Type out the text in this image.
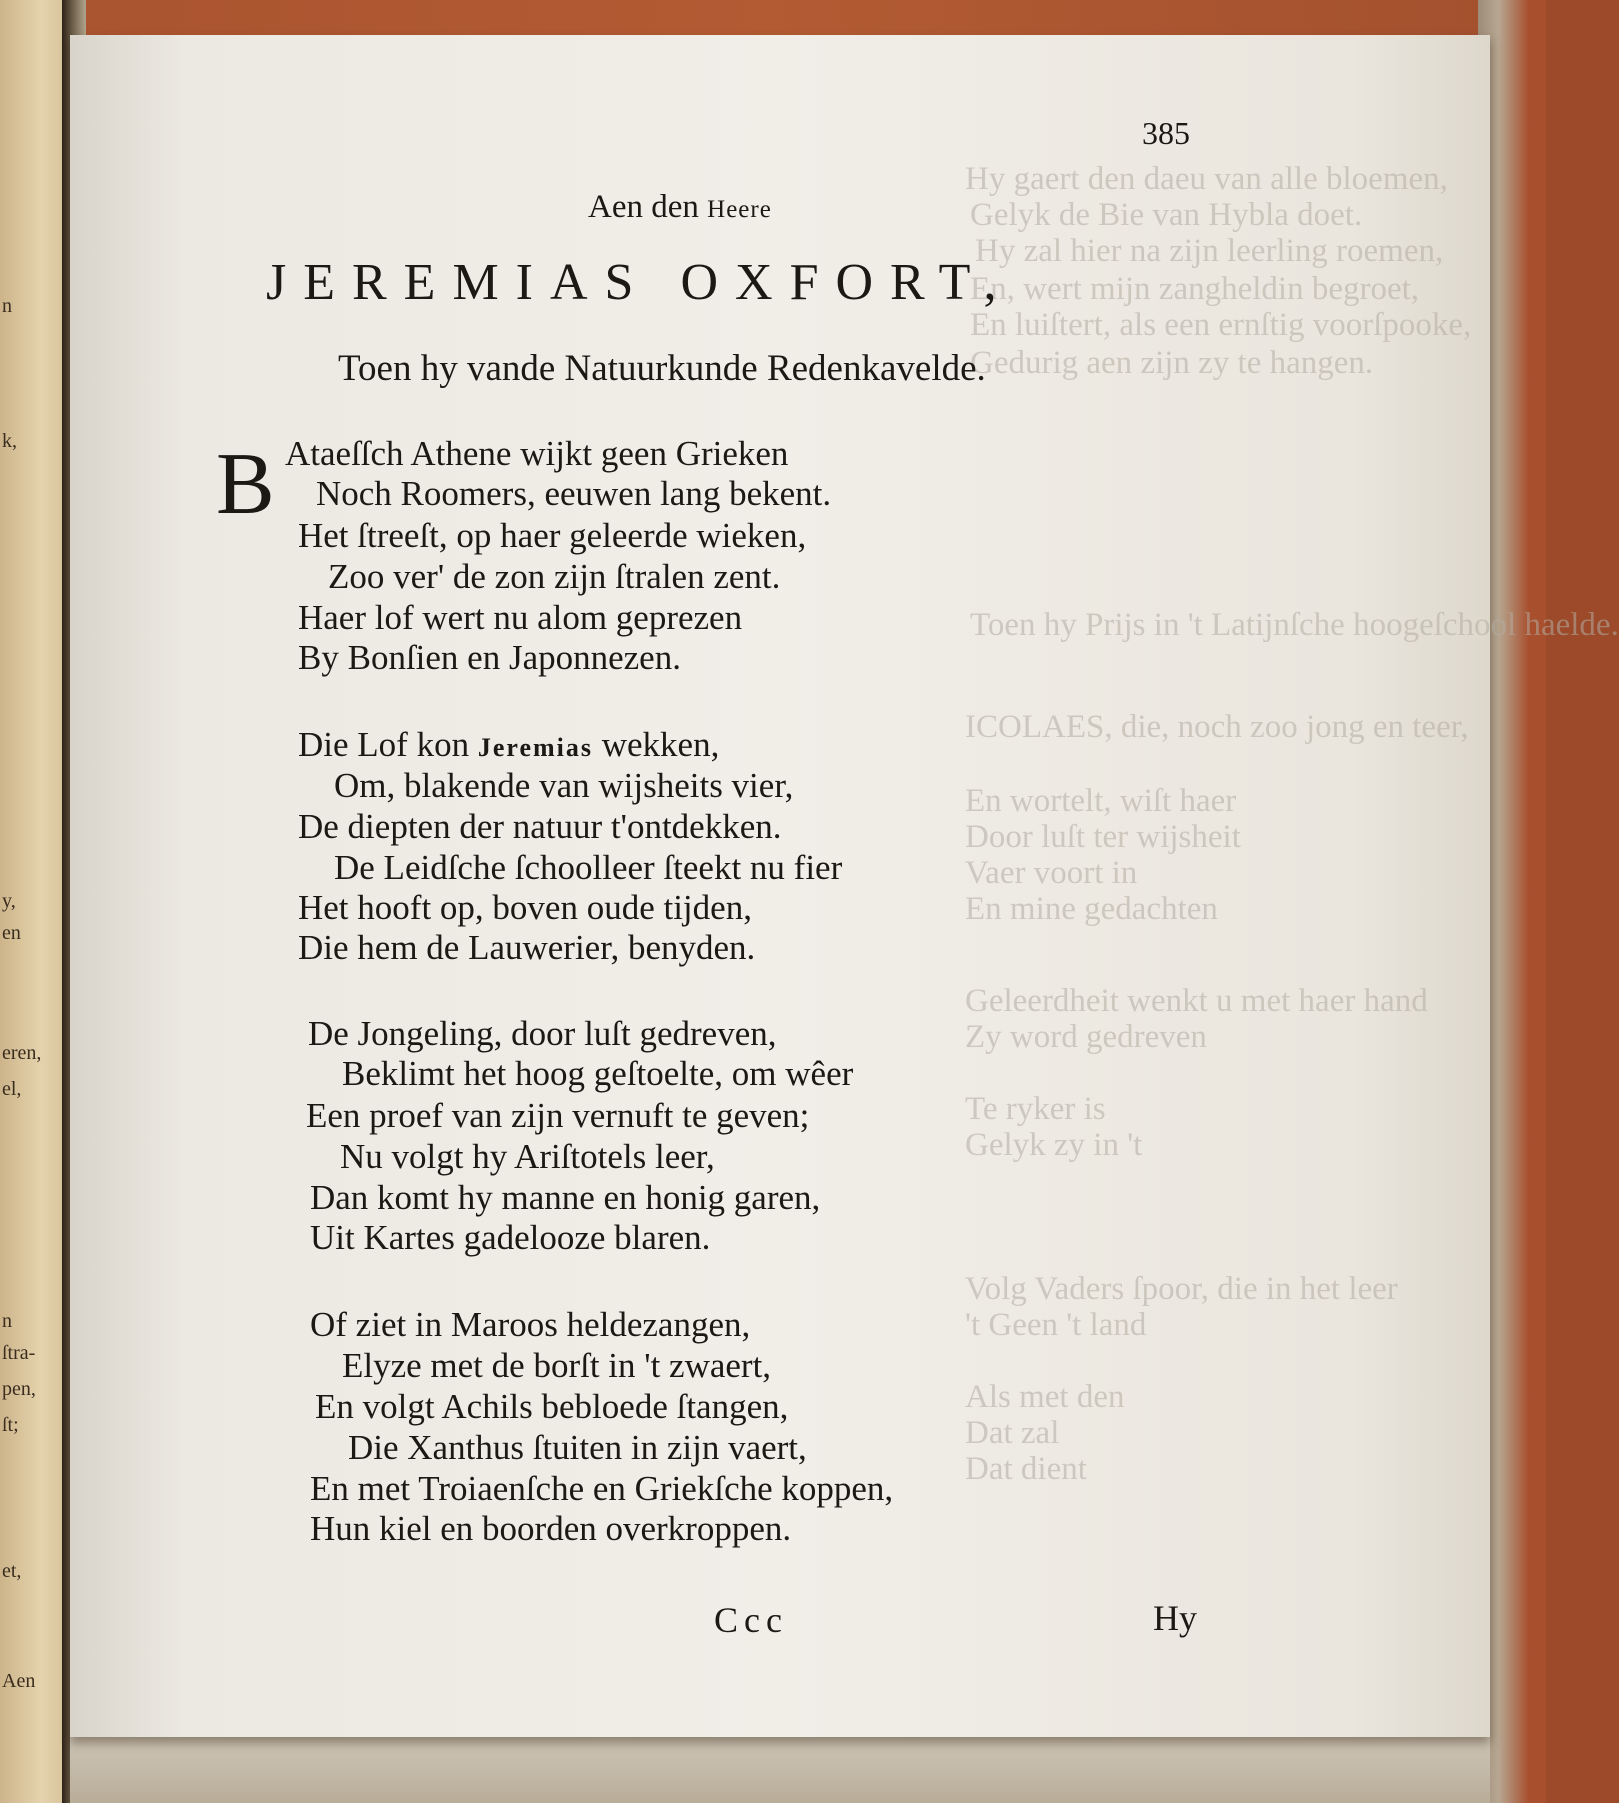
n
k,
y,
en
eren,
el,
n
ſtra-
pen,
ſt;
et,
Aen
Hy gaert den daeu van alle bloemen,
Gelyk de Bie van Hybla doet.
Hy zal hier na zijn leerling roemen,
En, wert mijn zangheldin begroet,
En luiſtert, als een ernſtig voorſpooke,
Gedurig aen zijn zy te hangen.
Toen hy Prijs in 't Latijnſche hoogeſchool haelde.
ICOLAES, die, noch zoo jong en teer,
En wortelt, wiſt haer
Door luſt ter wijsheit
Vaer voort in
En mine gedachten
Geleerdheit wenkt u met haer hand
Zy word gedreven
Te ryker is
Gelyk zy in 't
Volg Vaders ſpoor, die in het leer
't Geen 't land
Als met den
Dat zal
Dat dient
385
Aen den Heere
JEREMIAS OXFORT,
Toen hy vande Natuurkunde Redenkavelde.
B Ataeſſch Athene wijkt geen Grieken
Noch Roomers, eeuwen lang bekent.
Het ſtreeſt, op haer geleerde wieken,
Zoo ver' de zon zijn ſtralen zent.
Haer lof wert nu alom geprezen
By Bonſien en Japonnezen.
Die Lof kon Jeremias wekken,
Om, blakende van wijsheits vier,
De diepten der natuur t'ontdekken.
De Leidſche ſchoolleer ſteekt nu fier
Het hooft op, boven oude tijden,
Die hem de Lauwerier, benyden.
De Jongeling, door luſt gedreven,
Beklimt het hoog geſtoelte, om wêer
Een proef van zijn vernuft te geven;
Nu volgt hy Ariſtotels leer,
Dan komt hy manne en honig garen,
Uit Kartes gadelooze blaren.
Of ziet in Maroos heldezangen,
Elyze met de borſt in 't zwaert,
En volgt Achils bebloede ſtangen,
Die Xanthus ſtuiten in zijn vaert,
En met Troiaenſche en Griekſche koppen,
Hun kiel en boorden overkroppen.
Ccc	Hy
